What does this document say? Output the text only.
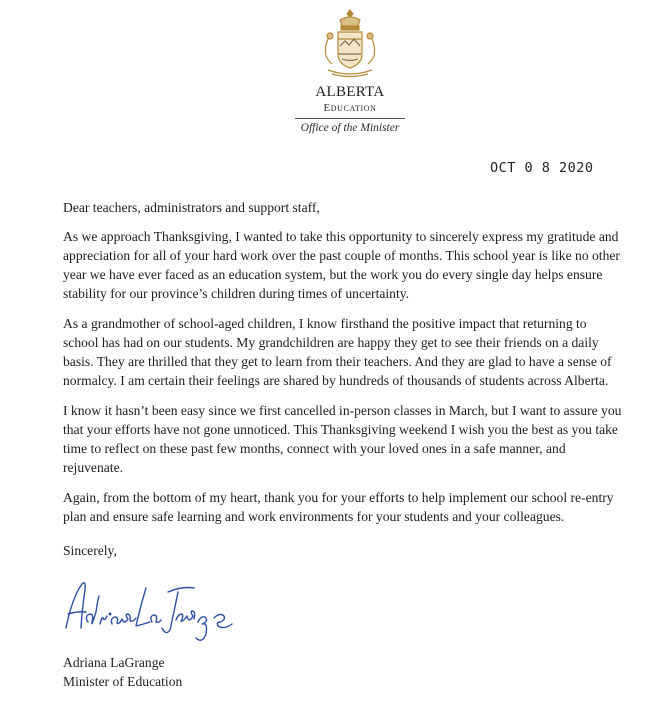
ALBERTA
Education
Office of the Minister
OCT 0 8 2020

Dear teachers, administrators and support staff,

As we approach Thanksgiving, I wanted to take this opportunity to sincerely express my gratitude and appreciation for all of your hard work over the past couple of months. This school year is like no other year we have ever faced as an education system, but the work you do every single day helps ensure stability for our province’s children during times of uncertainty.

As a grandmother of school-aged children, I know firsthand the positive impact that returning to school has had on our students. My grandchildren are happy they get to see their friends on a daily basis. They are thrilled that they get to learn from their teachers. And they are glad to have a sense of normalcy. I am certain their feelings are shared by hundreds of thousands of students across Alberta.

I know it hasn’t been easy since we first cancelled in-person classes in March, but I want to assure you that your efforts have not gone unnoticed. This Thanksgiving weekend I wish you the best as you take time to reflect on these past few months, connect with your loved ones in a safe manner, and rejuvenate.

Again, from the bottom of my heart, thank you for your efforts to help implement our school re-entry plan and ensure safe learning and work environments for your students and your colleagues.

Sincerely,
Adriana LaGrange
Minister of Education
